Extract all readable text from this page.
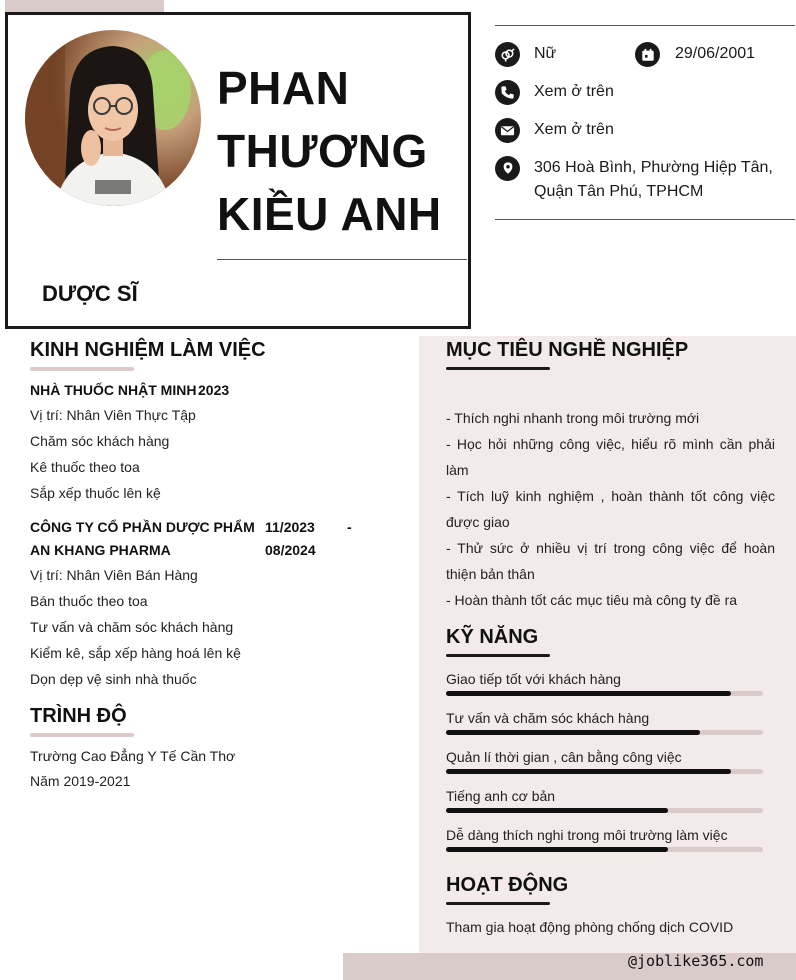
PHAN
THƯƠNG
KIỀU ANH
DƯỢC SĨ
Nữ	29/06/2001
Xem ở trên
Xem ở trên
306 Hoà Bình, Phường Hiệp Tân,
Quận Tân Phú, TPHCM
KINH NGHIỆM LÀM VIỆC
NHÀ THUỐC NHẬT MINH 2023
Vị trí: Nhân Viên Thực Tập
Chăm sóc khách hàng
Kê thuốc theo toa
Sắp xếp thuốc lên kệ
CÔNG TY CỔ PHẦN DƯỢC PHẨM
AN KHANG PHARMA
11/2023 -
08/2024
Vị trí: Nhân Viên Bán Hàng
Bán thuốc theo toa
Tư vấn và chăm sóc khách hàng
Kiểm kê, sắp xếp hàng hoá lên kệ
Dọn dẹp vệ sinh nhà thuốc
TRÌNH ĐỘ
Trường Cao Đẳng Y Tế Cần Thơ
Năm 2019-2021
MỤC TIÊU NGHỀ NGHIỆP
- Thích nghi nhanh trong môi trường mới
- Học hỏi những công việc, hiểu rõ mình cần phải làm
- Tích luỹ kinh nghiệm , hoàn thành tốt công việc được giao
- Thử sức ở nhiều vị trí trong công việc để hoàn thiện bản thân
- Hoàn thành tốt các mục tiêu mà công ty đề ra
KỸ NĂNG
Giao tiếp tốt với khách hàng
Tư vấn và chăm sóc khách hàng
Quản lí thời gian , cân bằng công việc
Tiếng anh cơ bản
Dễ dàng thích nghi trong môi trường làm việc
HOẠT ĐỘNG
Tham gia hoạt động phòng chống dịch COVID
@joblike365.com
